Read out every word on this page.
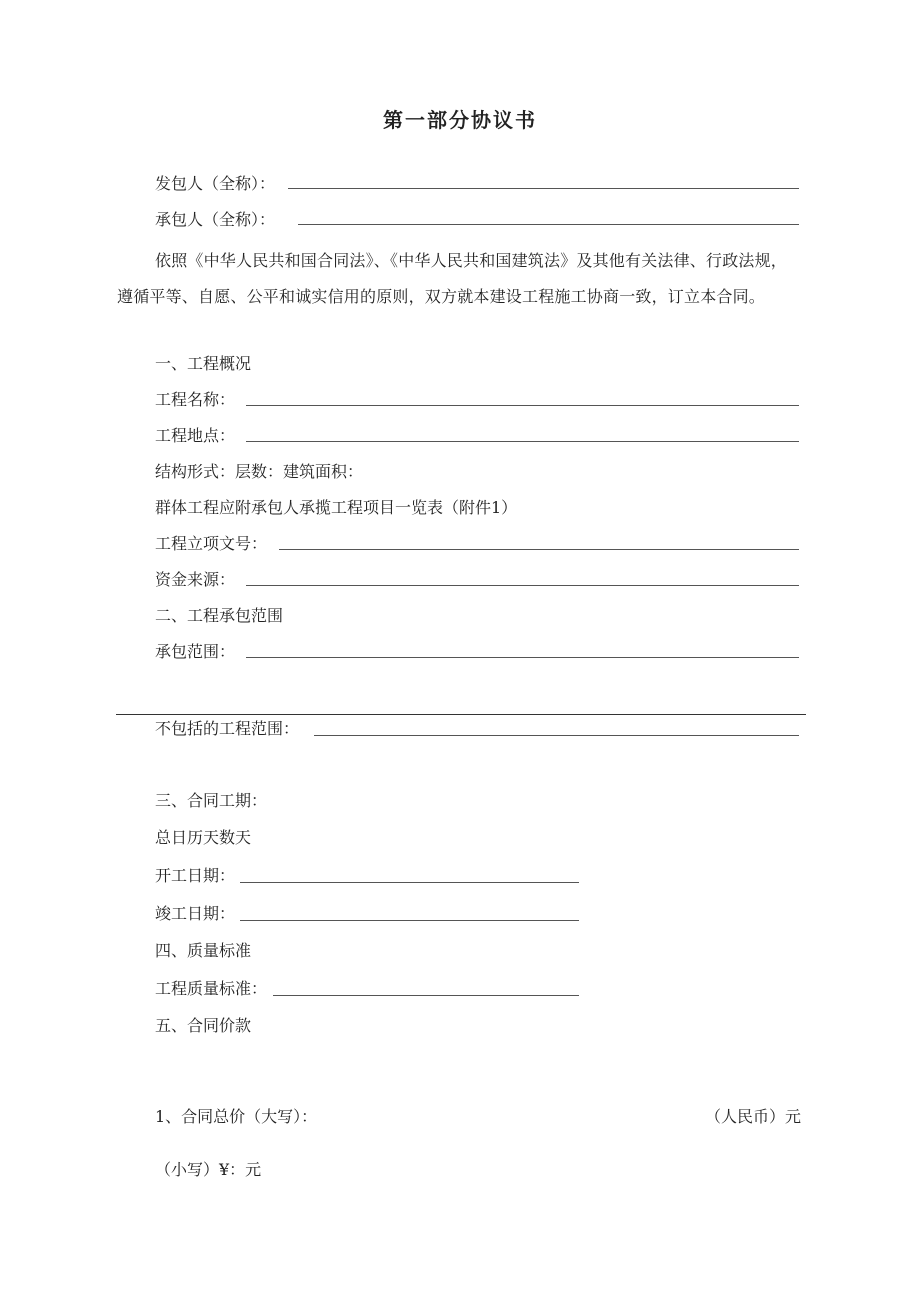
第一部分协议书
发包人（全称）：
承包人（全称）：
依照《中华人民共和国合同法》、《中华人民共和国建筑法》及其他有关法律、行政法规，遵循平等、自愿、公平和诚实信用的原则，双方就本建设工程施工协商一致，订立本合同。
一、工程概况
工程名称：
工程地点：
结构形式：层数：建筑面积：
群体工程应附承包人承揽工程项目一览表（附件1）
工程立项文号：
资金来源：
二、工程承包范围
承包范围：
不包括的工程范围：
三、合同工期：
总日历天数天
开工日期：
竣工日期：
四、质量标准
工程质量标准：
五、合同价款
1、合同总价（大写）：	（人民币）元
（小写）¥：元
